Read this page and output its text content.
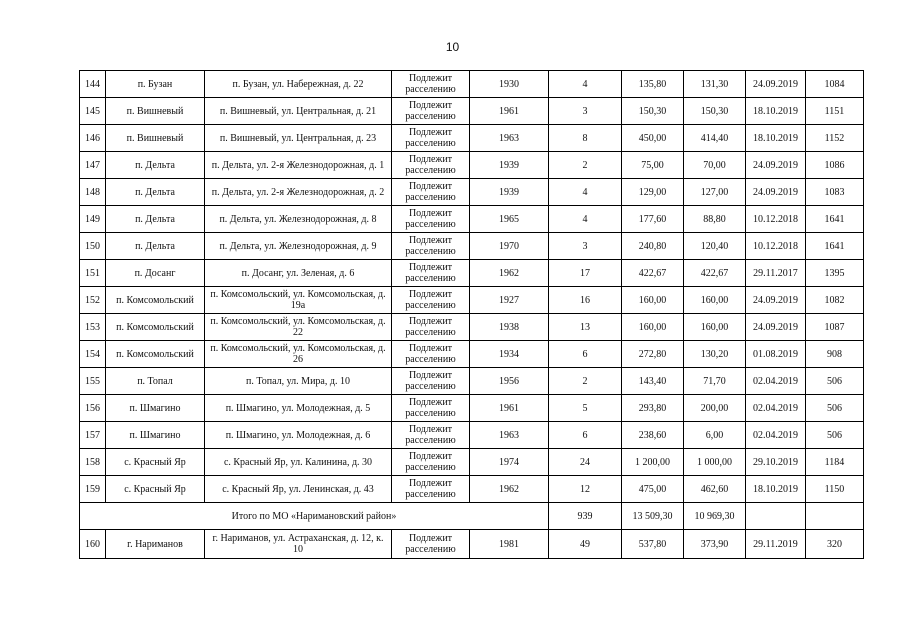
10
144	п. Бузан	п. Бузан, ул. Набережная, д. 22	Подлежит расселению	1930	4	135,80	131,30	24.09.2019	1084
145	п. Вишневый	п. Вишневый, ул. Центральная, д. 21	Подлежит расселению	1961	3	150,30	150,30	18.10.2019	1151
146	п. Вишневый	п. Вишневый, ул. Центральная, д. 23	Подлежит расселению	1963	8	450,00	414,40	18.10.2019	1152
147	п. Дельта	п. Дельта, ул. 2-я Железнодорожная, д. 1	Подлежит расселению	1939	2	75,00	70,00	24.09.2019	1086
148	п. Дельта	п. Дельта, ул. 2-я Железнодорожная, д. 2	Подлежит расселению	1939	4	129,00	127,00	24.09.2019	1083
149	п. Дельта	п. Дельта, ул. Железнодорожная, д. 8	Подлежит расселению	1965	4	177,60	88,80	10.12.2018	1641
150	п. Дельта	п. Дельта, ул. Железнодорожная, д. 9	Подлежит расселению	1970	3	240,80	120,40	10.12.2018	1641
151	п. Досанг	п. Досанг, ул. Зеленая, д. 6	Подлежит расселению	1962	17	422,67	422,67	29.11.2017	1395
152	п. Комсомольский	п. Комсомольский, ул. Комсомольская, д. 19а	Подлежит расселению	1927	16	160,00	160,00	24.09.2019	1082
153	п. Комсомольский	п. Комсомольский, ул. Комсомольская, д. 22	Подлежит расселению	1938	13	160,00	160,00	24.09.2019	1087
154	п. Комсомольский	п. Комсомольский, ул. Комсомольская, д. 26	Подлежит расселению	1934	6	272,80	130,20	01.08.2019	908
155	п. Топал	п. Топал, ул. Мира, д. 10	Подлежит расселению	1956	2	143,40	71,70	02.04.2019	506
156	п. Шмагино	п. Шмагино, ул. Молодежная, д. 5	Подлежит расселению	1961	5	293,80	200,00	02.04.2019	506
157	п. Шмагино	п. Шмагино, ул. Молодежная, д. 6	Подлежит расселению	1963	6	238,60	6,00	02.04.2019	506
158	с. Красный Яр	с. Красный Яр, ул. Калинина, д. 30	Подлежит расселению	1974	24	1 200,00	1 000,00	29.10.2019	1184
159	с. Красный Яр	с. Красный Яр, ул. Ленинская, д. 43	Подлежит расселению	1962	12	475,00	462,60	18.10.2019	1150
Итого по МО «Наримановский район»					939	13 509,30	10 969,30		
160	г. Нариманов	г. Нариманов, ул. Астраханская, д. 12, к. 10	Подлежит расселению	1981	49	537,80	373,90	29.11.2019	320
